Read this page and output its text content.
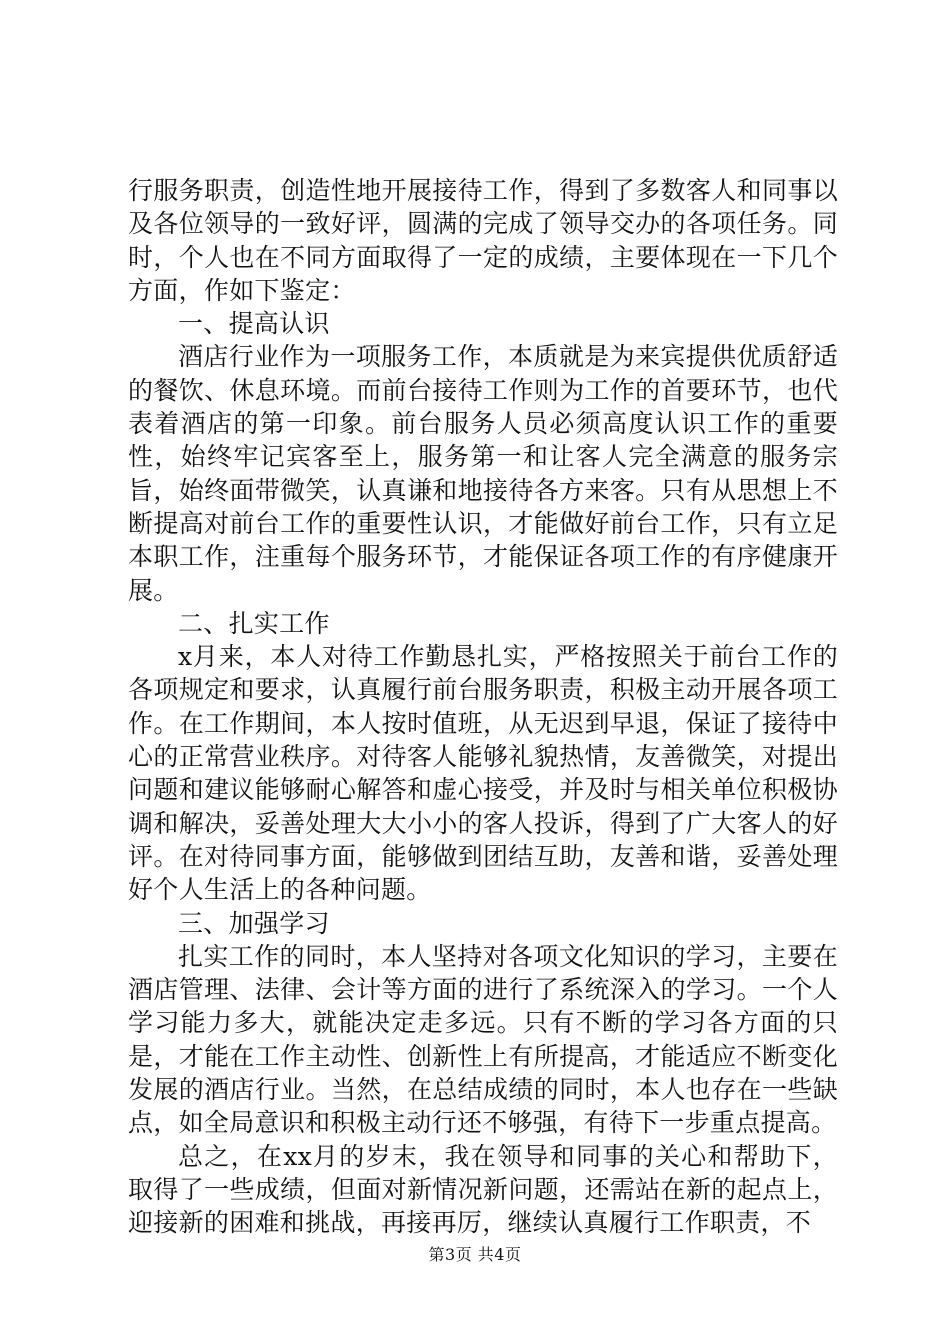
行服务职责，创造性地开展接待工作，得到了多数客人和同事以及各位领导的一致好评，圆满的完成了领导交办的各项任务。同时，个人也在不同方面取得了一定的成绩，主要体现在一下几个方面，作如下鉴定：

一、提高认识

酒店行业作为一项服务工作，本质就是为来宾提供优质舒适的餐饮、休息环境。而前台接待工作则为工作的首要环节，也代表着酒店的第一印象。前台服务人员必须高度认识工作的重要性，始终牢记宾客至上，服务第一和让客人完全满意的服务宗旨，始终面带微笑，认真谦和地接待各方来客。只有从思想上不断提高对前台工作的重要性认识，才能做好前台工作，只有立足本职工作，注重每个服务环节，才能保证各项工作的有序健康开展。

二、扎实工作

x月来，本人对待工作勤恳扎实，严格按照关于前台工作的各项规定和要求，认真履行前台服务职责，积极主动开展各项工作。在工作期间，本人按时值班，从无迟到早退，保证了接待中心的正常营业秩序。对待客人能够礼貌热情，友善微笑，对提出问题和建议能够耐心解答和虚心接受，并及时与相关单位积极协调和解决，妥善处理大大小小的客人投诉，得到了广大客人的好评。在对待同事方面，能够做到团结互助，友善和谐，妥善处理好个人生活上的各种问题。

三、加强学习

扎实工作的同时，本人坚持对各项文化知识的学习，主要在酒店管理、法律、会计等方面的进行了系统深入的学习。一个人学习能力多大，就能决定走多远。只有不断的学习各方面的只是，才能在工作主动性、创新性上有所提高，才能适应不断变化发展的酒店行业。当然，在总结成绩的同时，本人也存在一些缺点，如全局意识和积极主动行还不够强，有待下一步重点提高。

总之，在xx月的岁末，我在领导和同事的关心和帮助下，取得了一些成绩，但面对新情况新问题，还需站在新的起点上，迎接新的困难和挑战，再接再厉，继续认真履行工作职责，不

第3页 共4页
